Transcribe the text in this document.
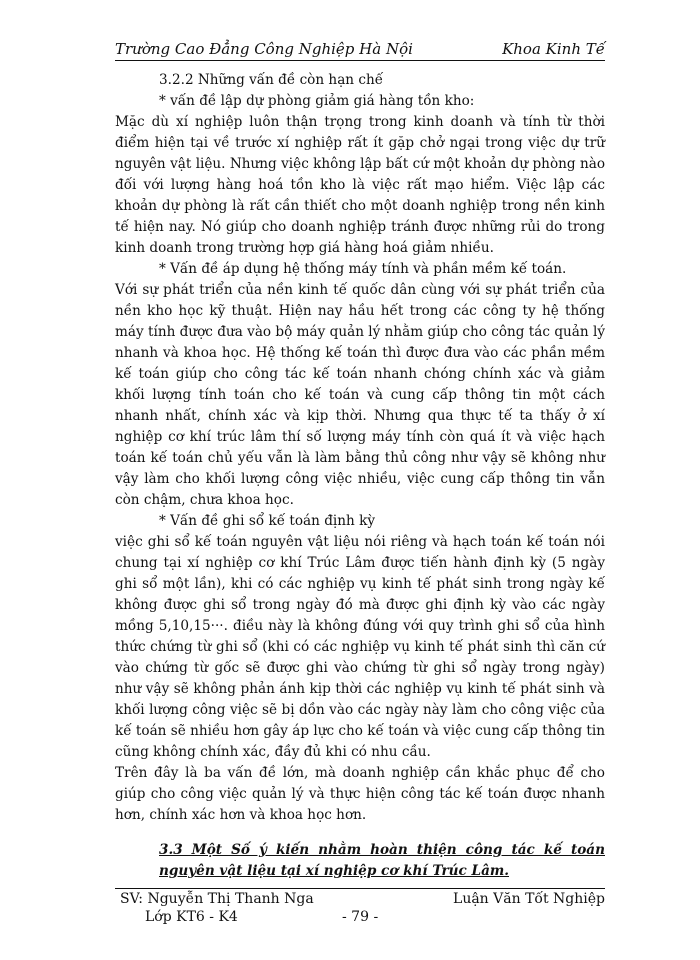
Trường Cao Đẳng Công Nghiệp Hà Nội	Khoa Kinh Tế

3.2.2 Những vấn đề còn hạn chế

* vấn đề lập dự phòng giảm giá hàng tồn kho:

Mặc dù xí nghiệp luôn thận trọng trong kinh doanh và tính từ thời điểm hiện tại về trước xí nghiệp rất ít gặp chở ngại trong việc dự trữ nguyên vật liệu. Nhưng việc không lập bất cứ một khoản dự phòng nào đối với lượng hàng hoá tồn kho là việc rất mạo hiểm. Việc lập các khoản dự phòng là rất cần thiết cho một doanh nghiệp trong nền kinh tế hiện nay. Nó giúp cho doanh nghiệp tránh được những rủi do trong kinh doanh trong trường hợp giá hàng hoá giảm nhiều.

* Vấn đề áp dụng hệ thống máy tính và phần mềm kế toán.

Với sự phát triển của nền kinh tế quốc dân cùng với sự phát triển của nền kho học kỹ thuật. Hiện nay hầu hết trong các công ty hệ thống máy tính được đưa vào bộ máy quản lý nhằm giúp cho công tác quản lý nhanh và khoa học. Hệ thống kế toán thì được đưa vào các phần mềm kế toán giúp cho công tác kế toán nhanh chóng chính xác và giảm khối lượng tính toán cho kế toán và cung cấp thông tin một cách nhanh nhất, chính xác và kịp thời. Nhưng qua thực tế ta thấy ở xí nghiệp cơ khí trúc lâm thí số lượng máy tính còn quá ít và việc hạch toán kế toán chủ yếu vẫn là làm bằng thủ công như vậy sẽ không như vậy làm cho khối lượng công việc nhiều, việc cung cấp thông tin vẫn còn chậm, chưa khoa học.

* Vấn đề ghi sổ kế toán định kỳ

việc ghi sổ kế toán nguyên vật liệu nói riêng và hạch toán kế toán nói chung tại xí nghiệp cơ khí Trúc Lâm được tiến hành định kỳ (5 ngày ghi sổ một lần), khi có các nghiệp vụ kinh tế phát sinh trong ngày kế không được ghi sổ trong ngày đó mà được ghi định kỳ vào các ngày mồng 5,10,15···. điều này là không đúng với quy trình ghi sổ của hình thức chứng từ ghi sổ (khi có các nghiệp vụ kinh tế phát sinh thì căn cứ vào chứng từ gốc sẽ được ghi vào chứng từ ghi sổ ngày trong ngày) như vậy sẽ không phản ánh kịp thời các nghiệp vụ kinh tế phát sinh và khối lượng công việc sẽ bị dồn vào các ngày này làm cho công việc của kế toán sẽ nhiều hơn gây áp lực cho kế toán và việc cung cấp thông tin cũng không chính xác, đầy đủ khi có nhu cầu.

Trên đây là ba vấn đề lớn, mà doanh nghiệp cần khắc phục để cho giúp cho công việc quản lý và thực hiện công tác kế toán được nhanh hơn, chính xác hơn và khoa học hơn.

3.3 Một Số ý kiến nhằm hoàn thiện công tác kế toán nguyên vật liệu tại xí nghiệp cơ khí Trúc Lâm.

SV: Nguyễn Thị Thanh Nga
Lớp KT6 - K4	- 79 -
Luận Văn Tốt Nghiệp
